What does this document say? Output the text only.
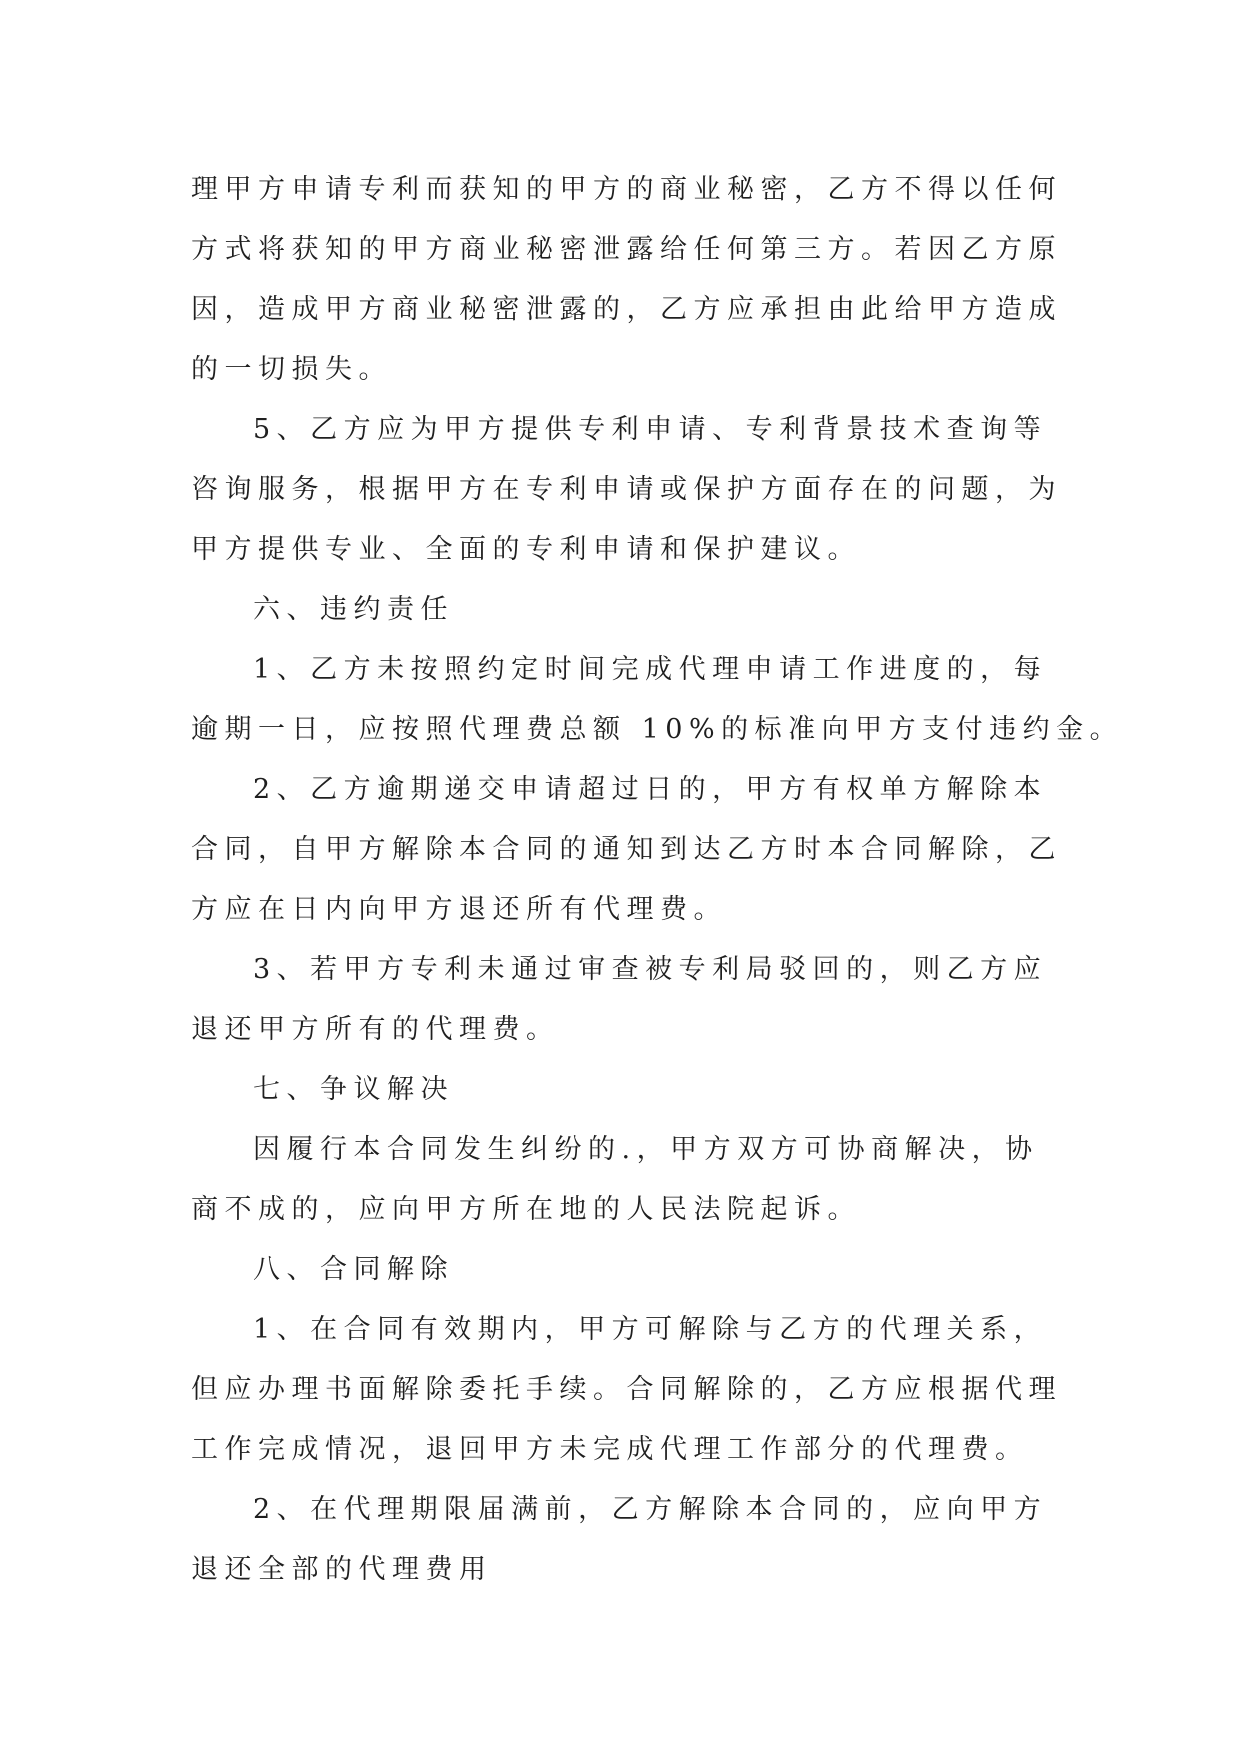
理甲方申请专利而获知的甲方的商业秘密，乙方不得以任何
方式将获知的甲方商业秘密泄露给任何第三方。若因乙方原
因，造成甲方商业秘密泄露的，乙方应承担由此给甲方造成
的一切损失。
5、乙方应为甲方提供专利申请、专利背景技术查询等
咨询服务，根据甲方在专利申请或保护方面存在的问题，为
甲方提供专业、全面的专利申请和保护建议。
六、违约责任
1、乙方未按照约定时间完成代理申请工作进度的，每
逾期一日，应按照代理费总额 10%的标准向甲方支付违约金。
2、乙方逾期递交申请超过日的，甲方有权单方解除本
合同，自甲方解除本合同的通知到达乙方时本合同解除，乙
方应在日内向甲方退还所有代理费。
3、若甲方专利未通过审查被专利局驳回的，则乙方应
退还甲方所有的代理费。
七、争议解决
因履行本合同发生纠纷的.，甲方双方可协商解决，协
商不成的，应向甲方所在地的人民法院起诉。
八、合同解除
1、在合同有效期内，甲方可解除与乙方的代理关系，
但应办理书面解除委托手续。合同解除的，乙方应根据代理
工作完成情况，退回甲方未完成代理工作部分的代理费。
2、在代理期限届满前，乙方解除本合同的，应向甲方
退还全部的代理费用
